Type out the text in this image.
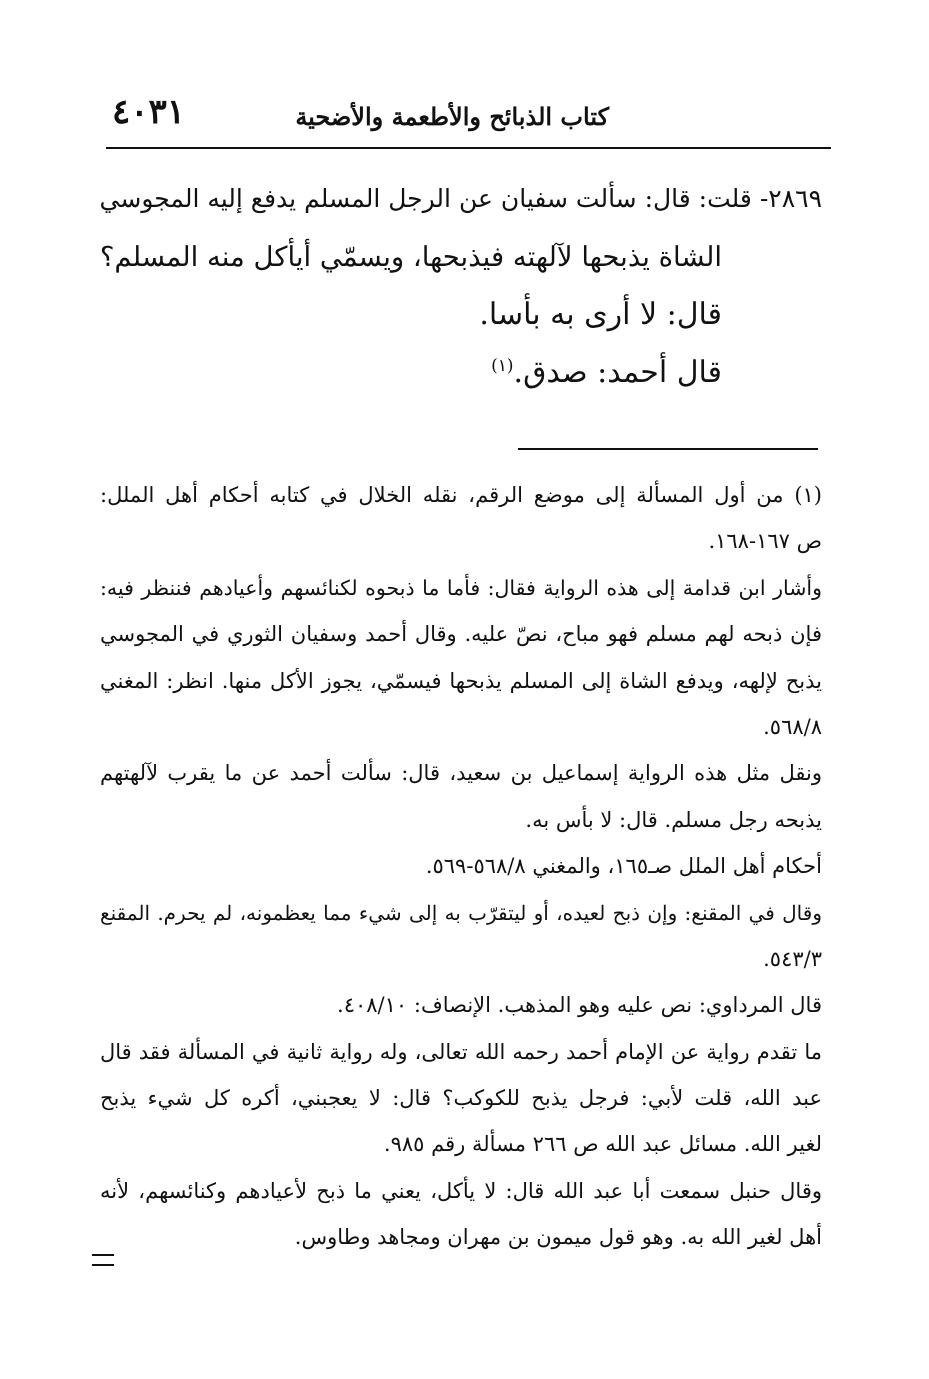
كتاب الذبائح والأطعمة والأضحية
٤٠٣١
٢٨٦٩- قلت: قال: سألت سفيان عن الرجل المسلم يدفع إليه المجوسي
الشاة يذبحها لآلهته فيذبحها، ويسمّي أيأكل منه المسلم؟
قال: لا أرى به بأسا.
قال أحمد: صدق.$^{(١)}$
(١) من أول المسألة إلى موضع الرقم، نقله الخلال في كتابه أحكام أهل الملل:
ص ١٦٧-١٦٨.
وأشار ابن قدامة إلى هذه الرواية فقال: فأما ما ذبحوه لكنائسهم وأعيادهم فننظر فيه:
فإن ذبحه لهم مسلم فهو مباح، نصّ عليه. وقال أحمد وسفيان الثوري في المجوسي
يذبح لإلهه، ويدفع الشاة إلى المسلم يذبحها فيسمّي، يجوز الأكل منها. انظر: المغني
٥٦٨/٨.
ونقل مثل هذه الرواية إسماعيل بن سعيد، قال: سألت أحمد عن ما يقرب لآلهتهم
يذبحه رجل مسلم. قال: لا بأس به.
أحكام أهل الملل صـ١٦٥، والمغني ٥٦٨/٨-٥٦٩.
وقال في المقنع: وإن ذبح لعيده، أو ليتقرّب به إلى شيء مما يعظمونه، لم يحرم. المقنع
٥٤٣/٣.
قال المرداوي: نص عليه وهو المذهب. الإنصاف: ٤٠٨/١٠.
ما تقدم رواية عن الإمام أحمد رحمه الله تعالى، وله رواية ثانية في المسألة فقد قال
عبد الله، قلت لأبي: فرجل يذبح للكوكب؟ قال: لا يعجبني، أكره كل شيء يذبح
لغير الله. مسائل عبد الله ص ٢٦٦ مسألة رقم ٩٨٥.
وقال حنبل سمعت أبا عبد الله قال: لا يأكل، يعني ما ذبح لأعيادهم وكنائسهم، لأنه
أهل لغير الله به. وهو قول ميمون بن مهران ومجاهد وطاوس.
